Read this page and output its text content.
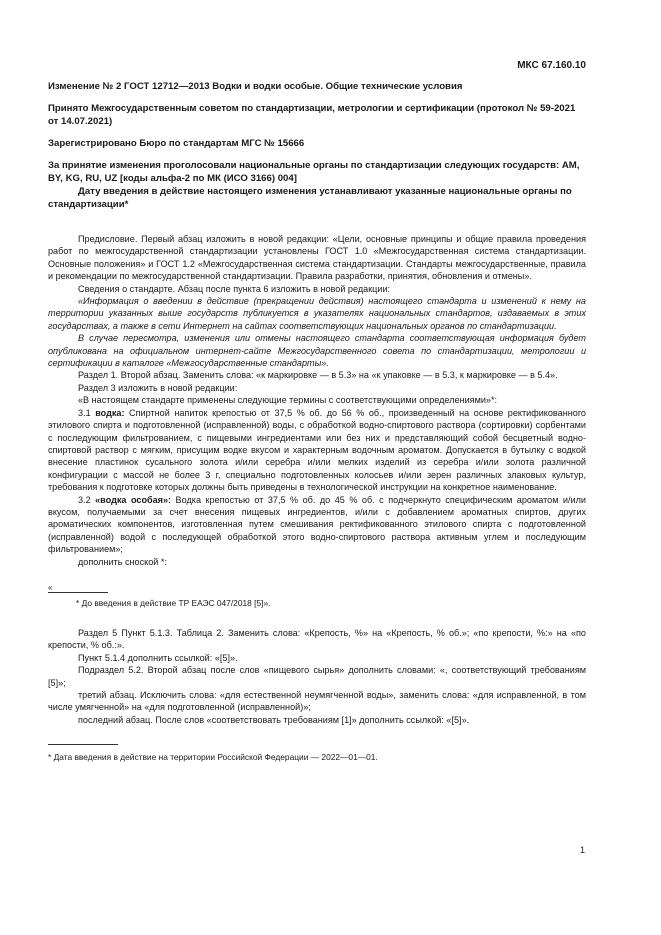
МКС 67.160.10

Изменение № 2 ГОСТ 12712—2013 Водки и водки особые. Общие технические условия

Принято Межгосударственным советом по стандартизации, метрологии и сертификации (протокол № 59-2021 от 14.07.2021)

Зарегистрировано Бюро по стандартам МГС № 15666

За принятие изменения проголосовали национальные органы по стандартизации следующих государств: AM, BY, KG, RU, UZ [коды альфа-2 по МК (ИСО 3166) 004]

Дату введения в действие настоящего изменения устанавливают указанные национальные органы по стандартизации*

Предисловие. Первый абзац изложить в новой редакции: «Цели, основные принципы и общие правила проведения работ по межгосударственной стандартизации установлены ГОСТ 1.0 «Межгосударственная система стандартизации. Основные положения» и ГОСТ 1.2 «Межгосударственная система стандартизации. Стандарты межгосударственные, правила и рекомендации по межгосударственной стандартизации. Правила разработки, принятия, обновления и отмены».

Сведения о стандарте. Абзац после пункта 6 изложить в новой редакции:

«Информация о введении в действие (прекращении действия) настоящего стандарта и изменений к нему на территории указанных выше государств публикуется в указателях национальных стандартов, издаваемых в этих государствах, а также в сети Интернет на сайтах соответствующих национальных органов по стандартизации.

В случае пересмотра, изменения или отмены настоящего стандарта соответствующая информация будет опубликована на официальном интернет-сайте Межгосударственного совета по стандартизации, метрологии и сертификации в каталоге «Межгосударственные стандарты».

Раздел 1. Второй абзац. Заменить слова: «к маркировке — в 5.3» на «к упаковке — в 5.3, к маркировке — в 5.4».

Раздел 3 изложить в новой редакции:

«В настоящем стандарте применены следующие термины с соответствующими определениями»*:

3.1 водка: Спиртной напиток крепостью от 37,5 % об. до 56 % об., произведенный на основе ректификованного этилового спирта и подготовленной (исправленной) воды, с обработкой водно-спиртового раствора (сортировки) сорбентами с последующим фильтрованием, с пищевыми ингредиентами или без них и представляющий собой бесцветный водно-спиртовой раствор с мягким, присущим водке вкусом и характерным водочным ароматом. Допускается в бутылку с водкой внесение пластинок сусального золота и/или серебра и/или мелких изделий из серебра и/или золота различной конфигурации с массой не более 3 г, специально подготовленных колосьев и/или зерен различных злаковых культур, требования к подготовке которых должны быть приведены в технологической инструкции на конкретное наименование.

3.2 «водка особая»: Водка крепостью от 37,5 % об. до 45 % об. с подчеркнуто специфическим ароматом и/или вкусом, получаемыми за счет внесения пищевых ингредиентов, и/или с добавлением ароматных спиртов, других ароматических компонентов, изготовленная путем смешивания ректификованного этилового спирта с подготовленной (исправленной) водой с последующей обработкой этого водно-спиртового раствора активным углем и последующим фильтрованием»;

дополнить сноской *:

«

* До введения в действие ТР ЕАЭС 047/2018 [5]».

Раздел 5 Пункт 5.1.3. Таблица 2. Заменить слова: «Крепость, %» на «Крепость, % об.»; «по крепости, %:» на «по крепости, % об.:».

Пункт 5.1.4 дополнить ссылкой: «[5]».

Подраздел 5.2. Второй абзац после слов «пищевого сырья» дополнить словами: «, соответствующий требованиям [5]»;

третий абзац. Исключить слова: «для естественной неумягченной воды», заменить слова: «для исправленной, в том числе умягченной» на «для подготовленной (исправленной)»;

последний абзац. После слов «соответствовать требованиям [1]» дополнить ссылкой: «[5]».

* Дата введения в действие на территории Российской Федерации — 2022—01—01.

1
